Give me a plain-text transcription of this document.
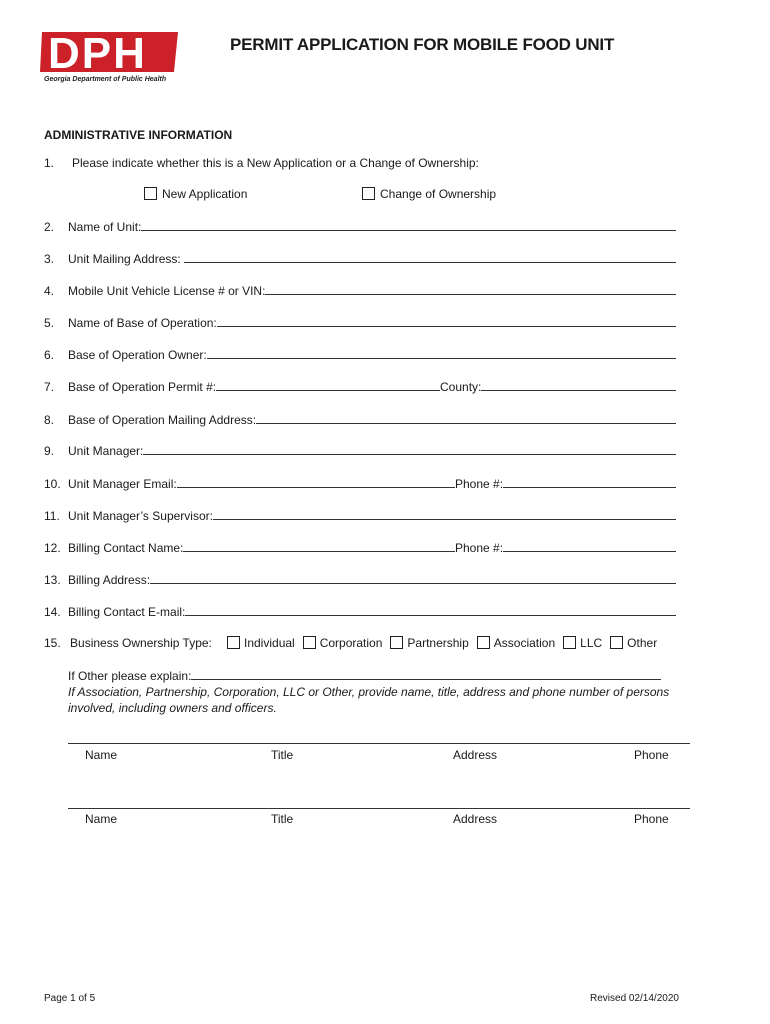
DPH
Georgia Department of Public Health
PERMIT APPLICATION FOR MOBILE FOOD UNIT
ADMINISTRATIVE INFORMATION
1. Please indicate whether this is a New Application or a Change of Ownership:
New Application	Change of Ownership
2. Name of Unit:
3. Unit Mailing Address:
4. Mobile Unit Vehicle License # or VIN:
5. Name of Base of Operation:
6. Base of Operation Owner:
7. Base of Operation Permit #:	County:
8. Base of Operation Mailing Address:
9. Unit Manager:
10. Unit Manager Email:	Phone #:
11. Unit Manager’s Supervisor:
12. Billing Contact Name:	Phone #:
13. Billing Address:
14. Billing Contact E-mail:
15. Business Ownership Type:	Individual Corporation Partnership Association LLC Other
If Other please explain:
If Association, Partnership, Corporation, LLC or Other, provide name, title, address and phone number of persons involved, including owners and officers.
Name	Title	Address	Phone
Name	Title	Address	Phone
Page 1 of 5	Revised 02/14/2020
